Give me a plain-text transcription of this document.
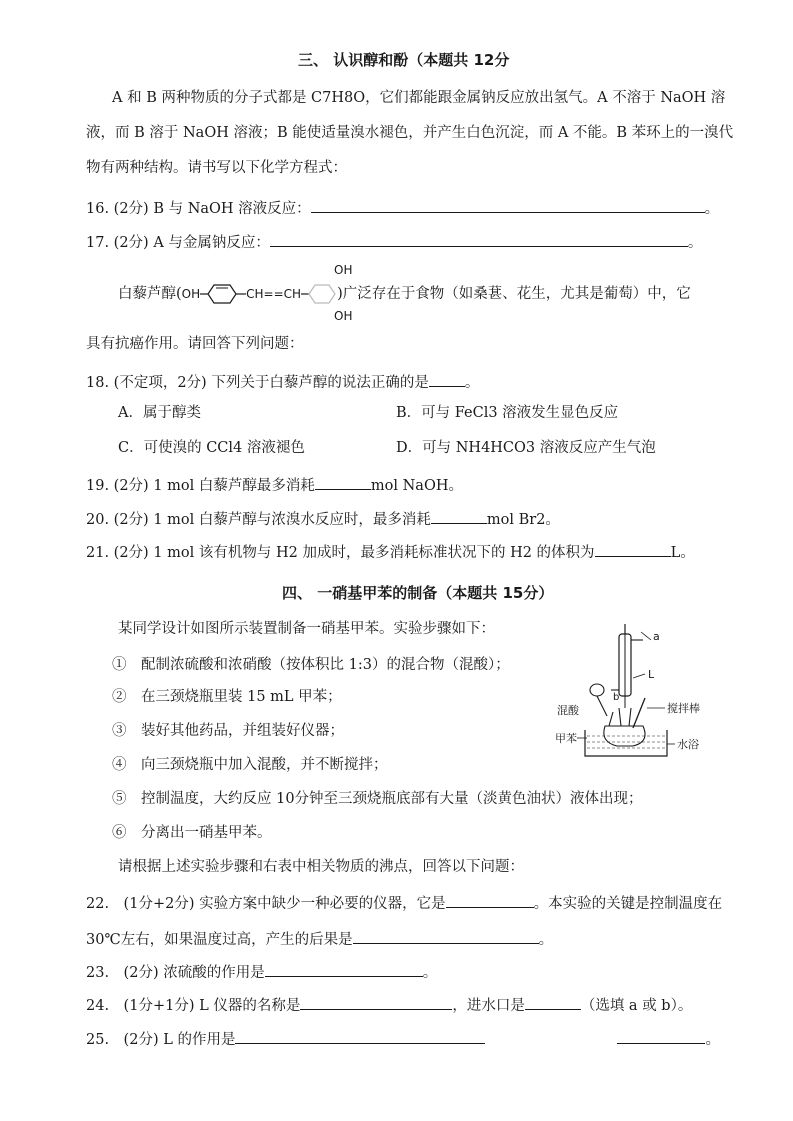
三、 认识醇和酚（本题共 12分
A 和 B 两种物质的分子式都是 C7H8O，它们都能跟金属钠反应放出氢气。A 不溶于 NaOH 溶
液，而 B 溶于 NaOH 溶液；B 能使适量溴水褪色，并产生白色沉淀，而 A 不能。B 苯环上的一溴代
物有两种结构。请书写以下化学方程式：
16. (2分) B 与 NaOH 溶液反应：	。
17. (2分) A 与金属钠反应：	。
白藜芦醇( OH	CH==CH )广泛存在于食物（如桑葚、花生，尤其是葡萄）中，它
OH
OH
具有抗癌作用。请回答下列问题：
18. (不定项，2分) 下列关于白藜芦醇的说法正确的是 。
A．属于醇类	B．可与 FeCl3 溶液发生显色反应
C．可使溴的 CCl4 溶液褪色	D．可与 NH4HCO3 溶液反应产生气泡
19. (2分) 1 mol 白藜芦醇最多消耗	mol NaOH。
20. (2分) 1 mol 白藜芦醇与浓溴水反应时，最多消耗	mol Br2。
21. (2分) 1 mol 该有机物与 H2 加成时，最多消耗标准状况下的 H2 的体积为	L。
四、 一硝基甲苯的制备（本题共 15分）
某同学设计如图所示装置制备一硝基甲苯。实验步骤如下：
①　配制浓硫酸和浓硝酸（按体积比 1:3）的混合物（混酸）；
②　在三颈烧瓶里装 15 mL 甲苯；
③　装好其他药品，并组装好仪器；
④　向三颈烧瓶中加入混酸，并不断搅拌；
⑤　控制温度，大约反应 10分钟至三颈烧瓶底部有大量（淡黄色油状）液体出现；
⑥　分离出一硝基甲苯。
a
L
b
混酸	搅拌棒
甲苯	水浴
请根据上述实验步骤和右表中相关物质的沸点，回答以下问题：
22.　(1分+2分) 实验方案中缺少一种必要的仪器，它是	。本实验的关键是控制温度在
30℃左右，如果温度过高，产生的后果是	。
23.　(2分) 浓硫酸的作用是	。
24.　(1分+1分) L 仪器的名称是	，进水口是	（选填 a 或 b）。
25.　(2分) L 的作用是	。
